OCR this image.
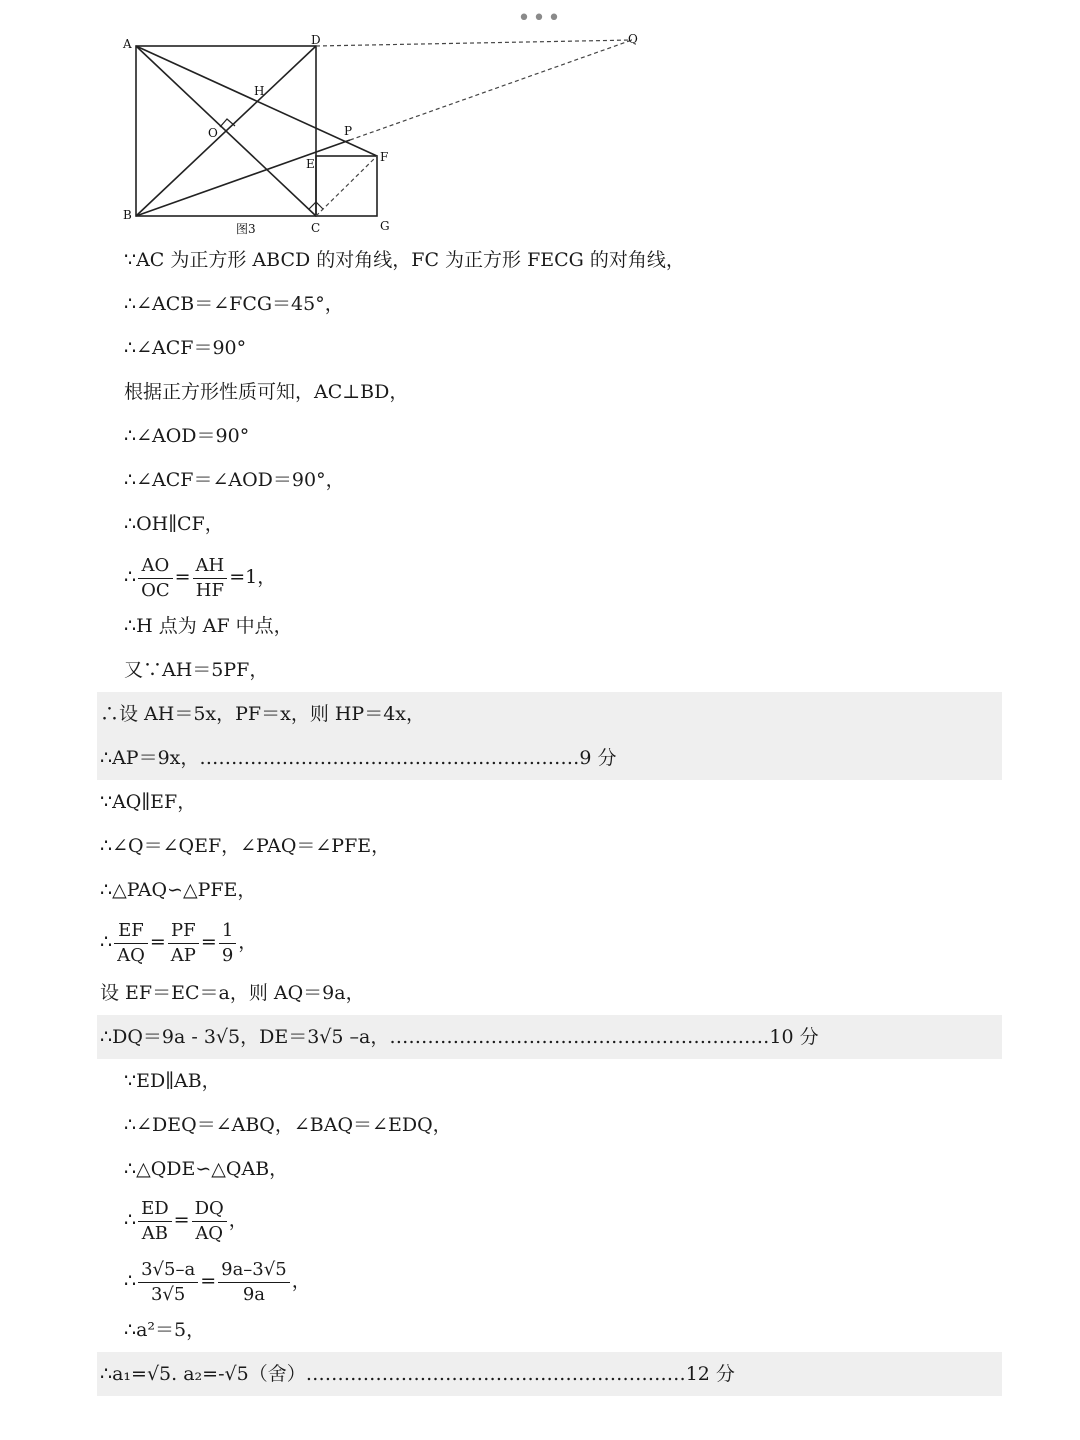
•••
A
B
C
D
E	F
G
H
O	P
Q
图3
∵AC 为正方形 ABCD 的对角线，FC 为正方形 FECG 的对角线，
∴∠ACB＝∠FCG＝45°，
∴∠ACF＝90°
根据正方形性质可知，AC⊥BD，
∴∠AOD＝90°
∴∠ACF＝∠AOD＝90°，
∴OH∥CF，
∴ $\frac{AO}{OC} = \frac{AH}{HF} =1$，
∴H 点为 AF 中点，
又∵AH＝5PF，
∴设 AH＝5x，PF＝x，则 HP＝4x，
∴AP＝9x，……………………………………………………9 分
∵AQ∥EF，
∴∠Q＝∠QEF，∠PAQ＝∠PFE，
∴△PAQ∽△PFE，
∴ $\frac{EF}{AQ} = \frac{PF}{AP} = \frac{1}{9}$ ，
设 EF＝EC＝a，则 AQ＝9a，
∴DQ＝9a - 3√5，DE＝3√5 –a，……………………………………………………10 分
∵ED∥AB，
∴∠DEQ＝∠ABQ，∠BAQ＝∠EDQ，
∴△QDE∽△QAB，
∴ $\frac{ED}{AB} = \frac{DQ}{AQ}$ ，
∴ $\frac{3√5-a}{3√5} = \frac{9a-3√5}{9a}$ ，
∴a²＝5，
∴a₁=√5. a₂=-√5（舍）……………………………………………………12 分
